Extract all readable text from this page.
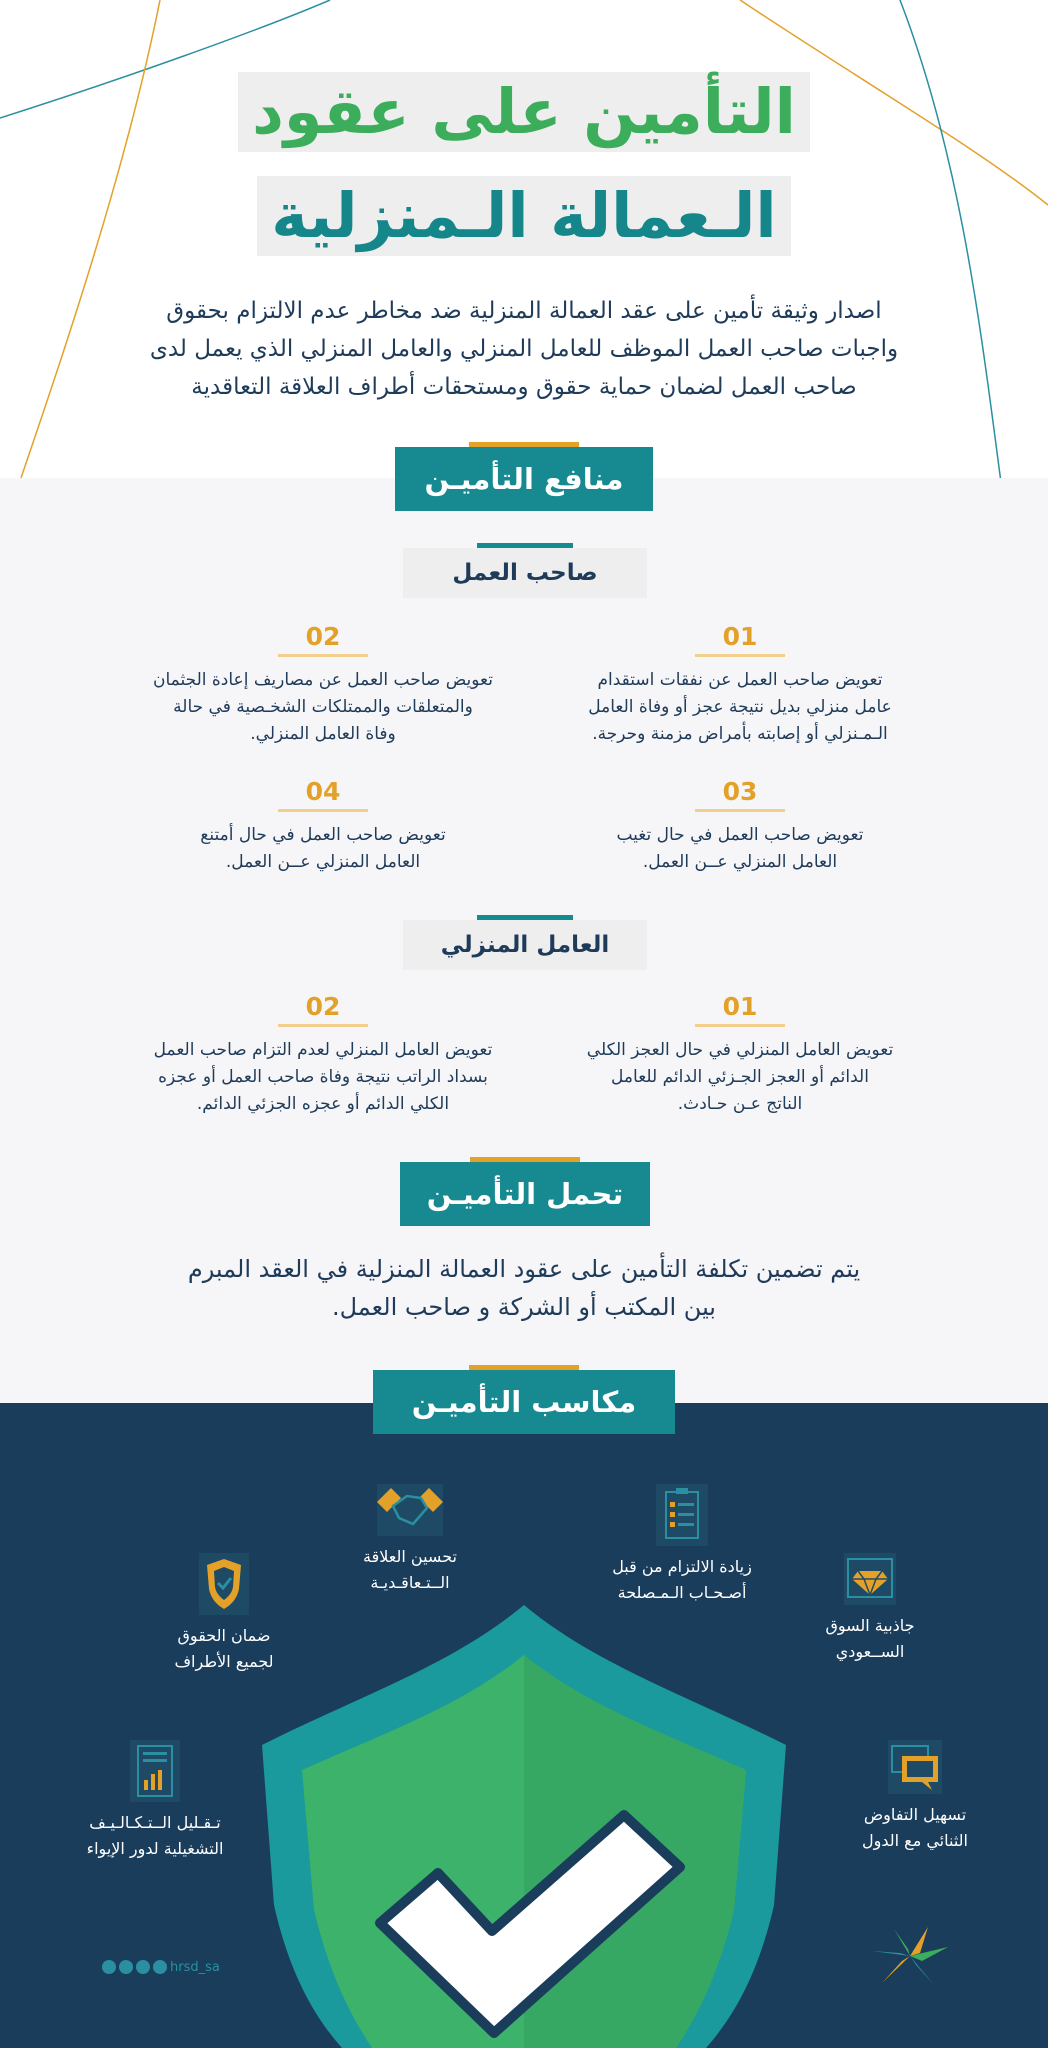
التأمين على عقود
الـعمالة الـمنزلية
اصدار وثيقة تأمين على عقد العمالة المنزلية ضد مخاطر عدم الالتزام بحقوق
واجبات صاحب العمل الموظف للعامل المنزلي والعامل المنزلي الذي يعمل لدى
صاحب العمل لضمان حماية حقوق ومستحقات أطراف العلاقة التعاقدية
منافع التأميـن
صاحب العمل
01
تعويض صاحب العمل عن نفقات استقدام
عامل منزلي بديل نتيجة عجز أو وفاة العامل
الـمـنزلي أو إصابته بأمراض مزمنة وحرجة.
02
تعويض صاحب العمل عن مصاريف إعادة الجثمان
والمتعلقات والممتلكات الشخـصية في حالة
وفاة العامل المنزلي.
03
تعويض صاحب العمل في حال تغيب
العامل المنزلي عــن العمل.
04
تعويض صاحب العمل في حال أمتنع
العامل المنزلي عــن العمل.
العامل المنزلي
01
تعويض العامل المنزلي في حال العجز الكلي
الدائم أو العجز الجـزئي الدائم للعامل
الناتج عـن حـادث.
02
تعويض العامل المنزلي لعدم التزام صاحب العمل
بسداد الراتب نتيجة وفاة صاحب العمل أو عجزه
الكلي الدائم أو عجزه الجزئي الدائم.
تحمل التأميـن
يتم تضمين تكلفة التأمين على عقود العمالة المنزلية في العقد المبرم
بين المكتب أو الشركة و صاحب العمل.
مكاسب التأميـن
جاذبية السوق
الســعودي
زيادة الالتزام من قبل
أصـحـاب الـمـصلحة
تحسين العلاقة
الــتـعاقـديـة
ضمان الحقوق
لجميع الأطراف
تسهيل التفاوض
الثنائي مع الدول
تـقـليل الــتـكـالـيـف
التشغيلية لدور الإيواء
hrsd_sa
